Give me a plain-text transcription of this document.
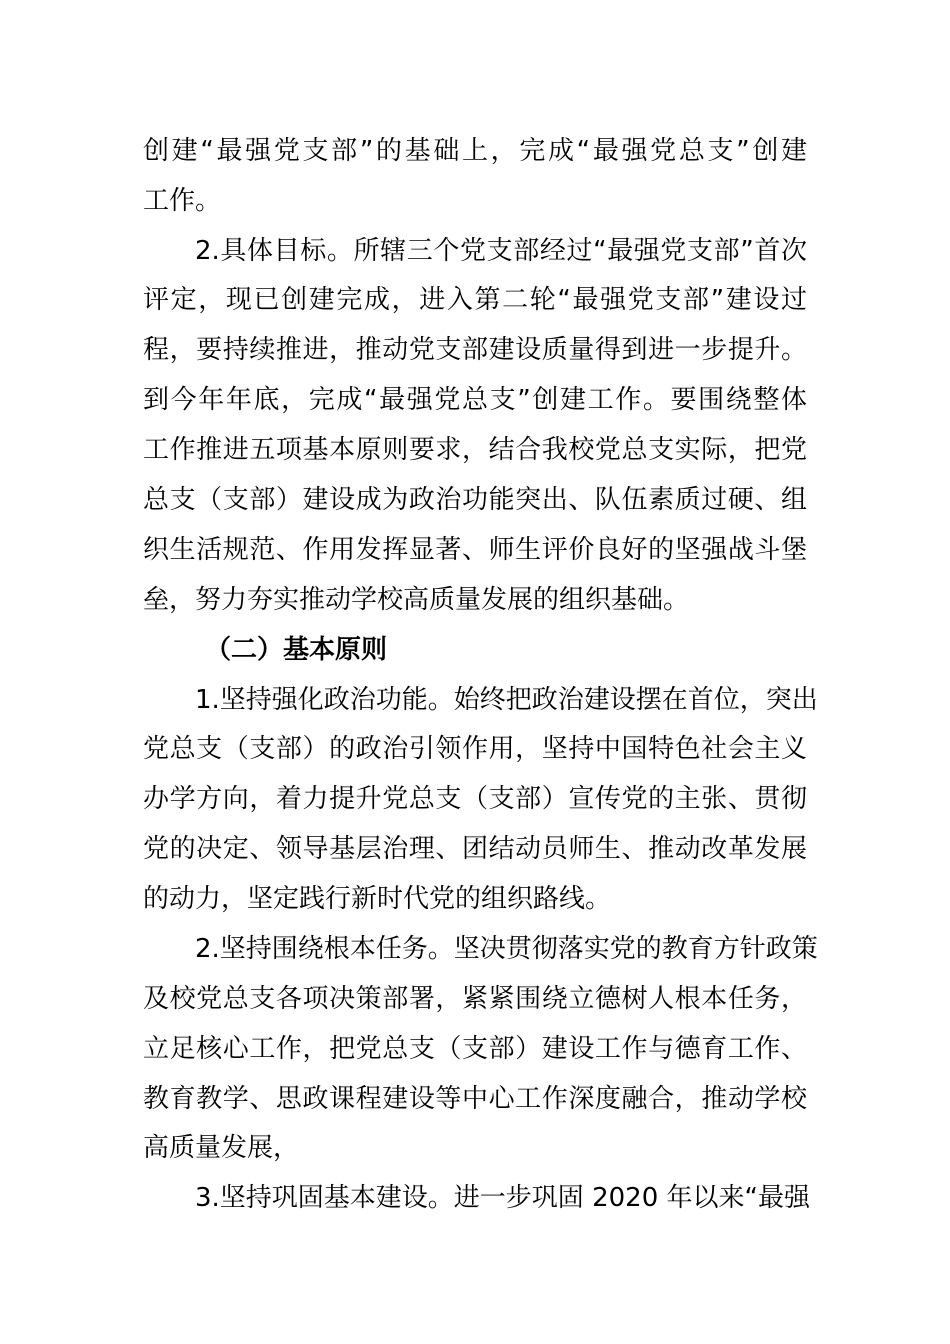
创建“最强党支部”的基础上，完成“最强党总支”创建
工作。
2.具体目标。所辖三个党支部经过“最强党支部”首次
评定，现已创建完成，进入第二轮“最强党支部”建设过
程，要持续推进，推动党支部建设质量得到进一步提升。
到今年年底，完成“最强党总支”创建工作。要围绕整体
工作推进五项基本原则要求，结合我校党总支实际，把党
总支（支部）建设成为政治功能突出、队伍素质过硬、组
织生活规范、作用发挥显著、师生评价良好的坚强战斗堡
垒，努力夯实推动学校高质量发展的组织基础。
（二）基本原则
1.坚持强化政治功能。始终把政治建设摆在首位，突出
党总支（支部）的政治引领作用，坚持中国特色社会主义
办学方向，着力提升党总支（支部）宣传党的主张、贯彻
党的决定、领导基层治理、团结动员师生、推动改革发展
的动力，坚定践行新时代党的组织路线。
2.坚持围绕根本任务。坚决贯彻落实党的教育方针政策
及校党总支各项决策部署，紧紧围绕立德树人根本任务，
立足核心工作，把党总支（支部）建设工作与德育工作、
教育教学、思政课程建设等中心工作深度融合，推动学校
高质量发展，
3.坚持巩固基本建设。进一步巩固 2020 年以来“最强
